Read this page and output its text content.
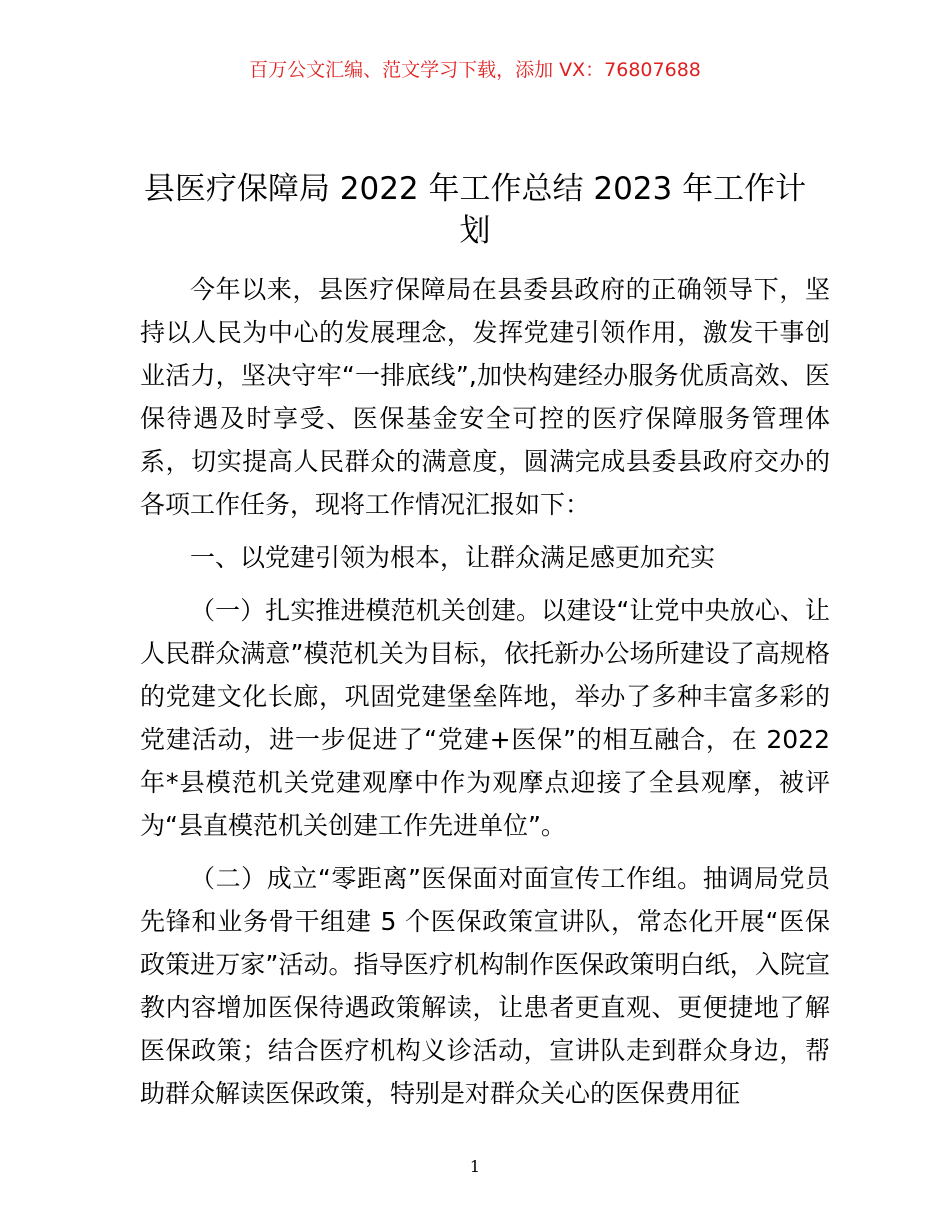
百万公文汇编、范文学习下载，添加 VX：76807688
县医疗保障局 2022 年工作总结 2023 年工作计划

今年以来，县医疗保障局在县委县政府的正确领导下，坚持以人民为中心的发展理念，发挥党建引领作用，激发干事创业活力，坚决守牢“一排底线”,加快构建经办服务优质高效、医保待遇及时享受、医保基金安全可控的医疗保障服务管理体系，切实提高人民群众的满意度，圆满完成县委县政府交办的各项工作任务，现将工作情况汇报如下：

一、以党建引领为根本，让群众满足感更加充实

（一）扎实推进模范机关创建。以建设“让党中央放心、让人民群众满意”模范机关为目标，依托新办公场所建设了高规格的党建文化长廊，巩固党建堡垒阵地，举办了多种丰富多彩的党建活动，进一步促进了“党建+医保”的相互融合，在 2022 年*县模范机关党建观摩中作为观摩点迎接了全县观摩，被评为“县直模范机关创建工作先进单位”。

（二）成立“零距离”医保面对面宣传工作组。抽调局党员先锋和业务骨干组建 5 个医保政策宣讲队，常态化开展“医保政策进万家”活动。指导医疗机构制作医保政策明白纸，入院宣教内容增加医保待遇政策解读，让患者更直观、更便捷地了解医保政策；结合医疗机构义诊活动，宣讲队走到群众身边，帮助群众解读医保政策，特别是对群众关心的医保费用征

1
